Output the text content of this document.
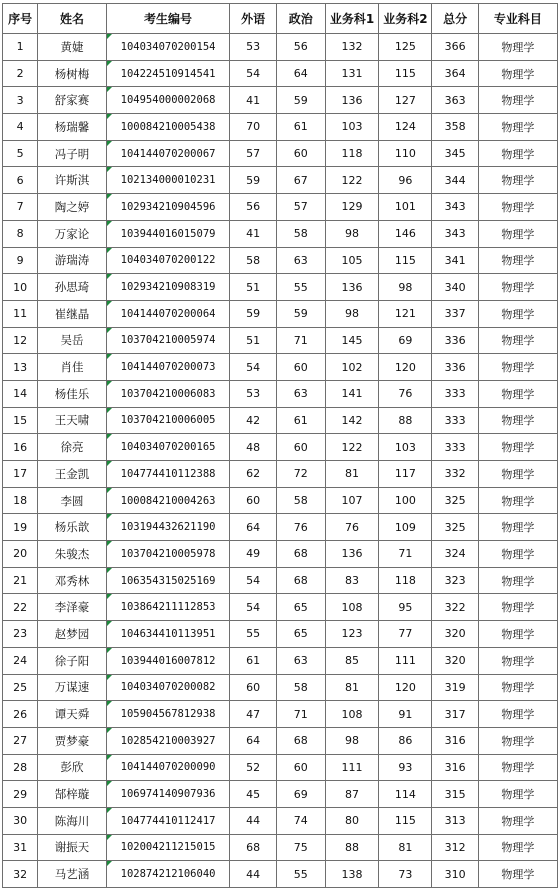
序号	姓名	考生编号	外语	政治	业务科1	业务科2	总分	专业科目
1	黄婕	104034070200154	53	56	132	125	366	物理学
2	杨树梅	104224510914541	54	64	131	115	364	物理学
3	舒家赛	104954000002068	41	59	136	127	363	物理学
4	杨瑞馨	100084210005438	70	61	103	124	358	物理学
5	冯子明	104144070200067	57	60	118	110	345	物理学
6	许斯淇	102134000010231	59	67	122	96	344	物理学
7	陶之婷	102934210904596	56	57	129	101	343	物理学
8	万家论	103944016015079	41	58	98	146	343	物理学
9	游瑞涛	104034070200122	58	63	105	115	341	物理学
10	孙思琦	102934210908319	51	55	136	98	340	物理学
11	崔继晶	104144070200064	59	59	98	121	337	物理学
12	吴岳	103704210005974	51	71	145	69	336	物理学
13	肖佳	104144070200073	54	60	102	120	336	物理学
14	杨佳乐	103704210006083	53	63	141	76	333	物理学
15	王天啸	103704210006005	42	61	142	88	333	物理学
16	徐亮	104034070200165	48	60	122	103	333	物理学
17	王金凯	104774410112388	62	72	81	117	332	物理学
18	李圆	100084210004263	60	58	107	100	325	物理学
19	杨乐歆	103194432621190	64	76	76	109	325	物理学
20	朱骏杰	103704210005978	49	68	136	71	324	物理学
21	邓秀林	106354315025169	54	68	83	118	323	物理学
22	李泽豪	103864211112853	54	65	108	95	322	物理学
23	赵梦园	104634410113951	55	65	123	77	320	物理学
24	徐子阳	103944016007812	61	63	85	111	320	物理学
25	万谋速	104034070200082	60	58	81	120	319	物理学
26	谭天舜	105904567812938	47	71	108	91	317	物理学
27	贾梦豪	102854210003927	64	68	98	86	316	物理学
28	彭欣	104144070200090	52	60	111	93	316	物理学
29	郜梓璇	106974140907936	45	69	87	114	315	物理学
30	陈海川	104774410112417	44	74	80	115	313	物理学
31	谢振天	102004211215015	68	75	88	81	312	物理学
32	马艺涵	102874212106040	44	55	138	73	310	物理学
